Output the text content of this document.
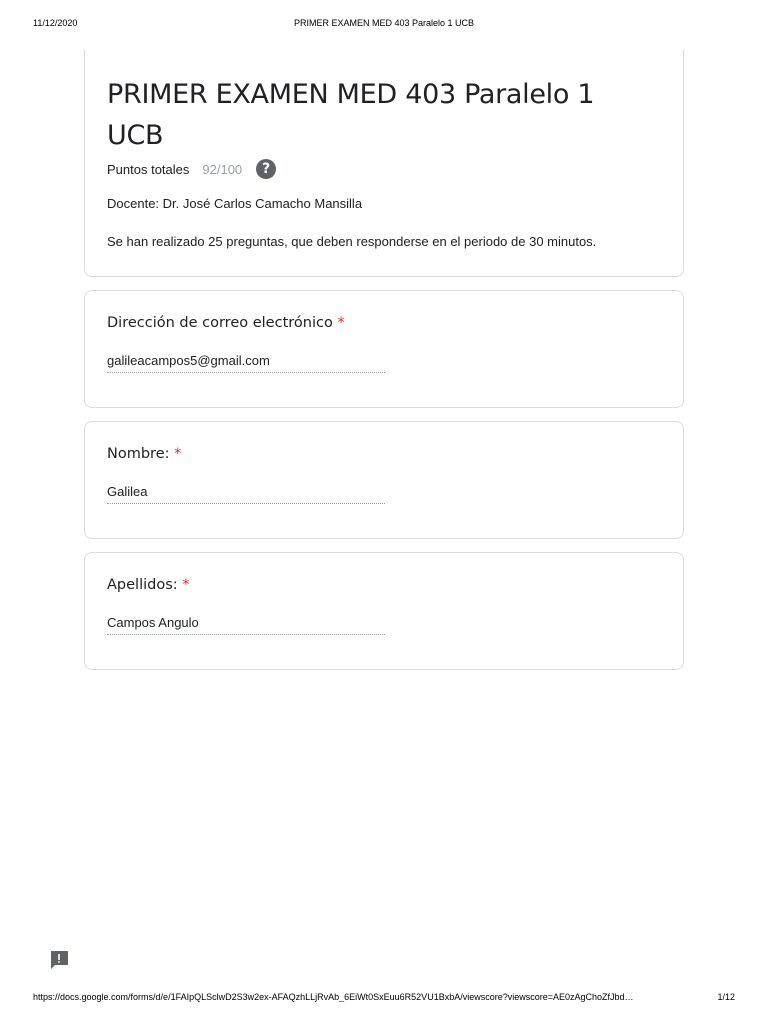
11/12/2020	PRIMER EXAMEN MED 403 Paralelo 1 UCB
PRIMER EXAMEN MED 403 Paralelo 1 UCB
Puntos totales 92/100	?
Docente: Dr. José Carlos Camacho Mansilla
Se han realizado 25 preguntas, que deben responderse en el periodo de 30 minutos.
Dirección de correo electrónico *
galileacampos5@gmail.com
Nombre: *
Galilea
Apellidos: *
Campos Angulo
https://docs.google.com/forms/d/e/1FAIpQLSclwD2S3w2ex-AFAQzhLLjRvAb_6EiWt0SxEuu6R52VU1BxbA/viewscore?viewscore=AE0zAgChoZfJbd…	1/12
